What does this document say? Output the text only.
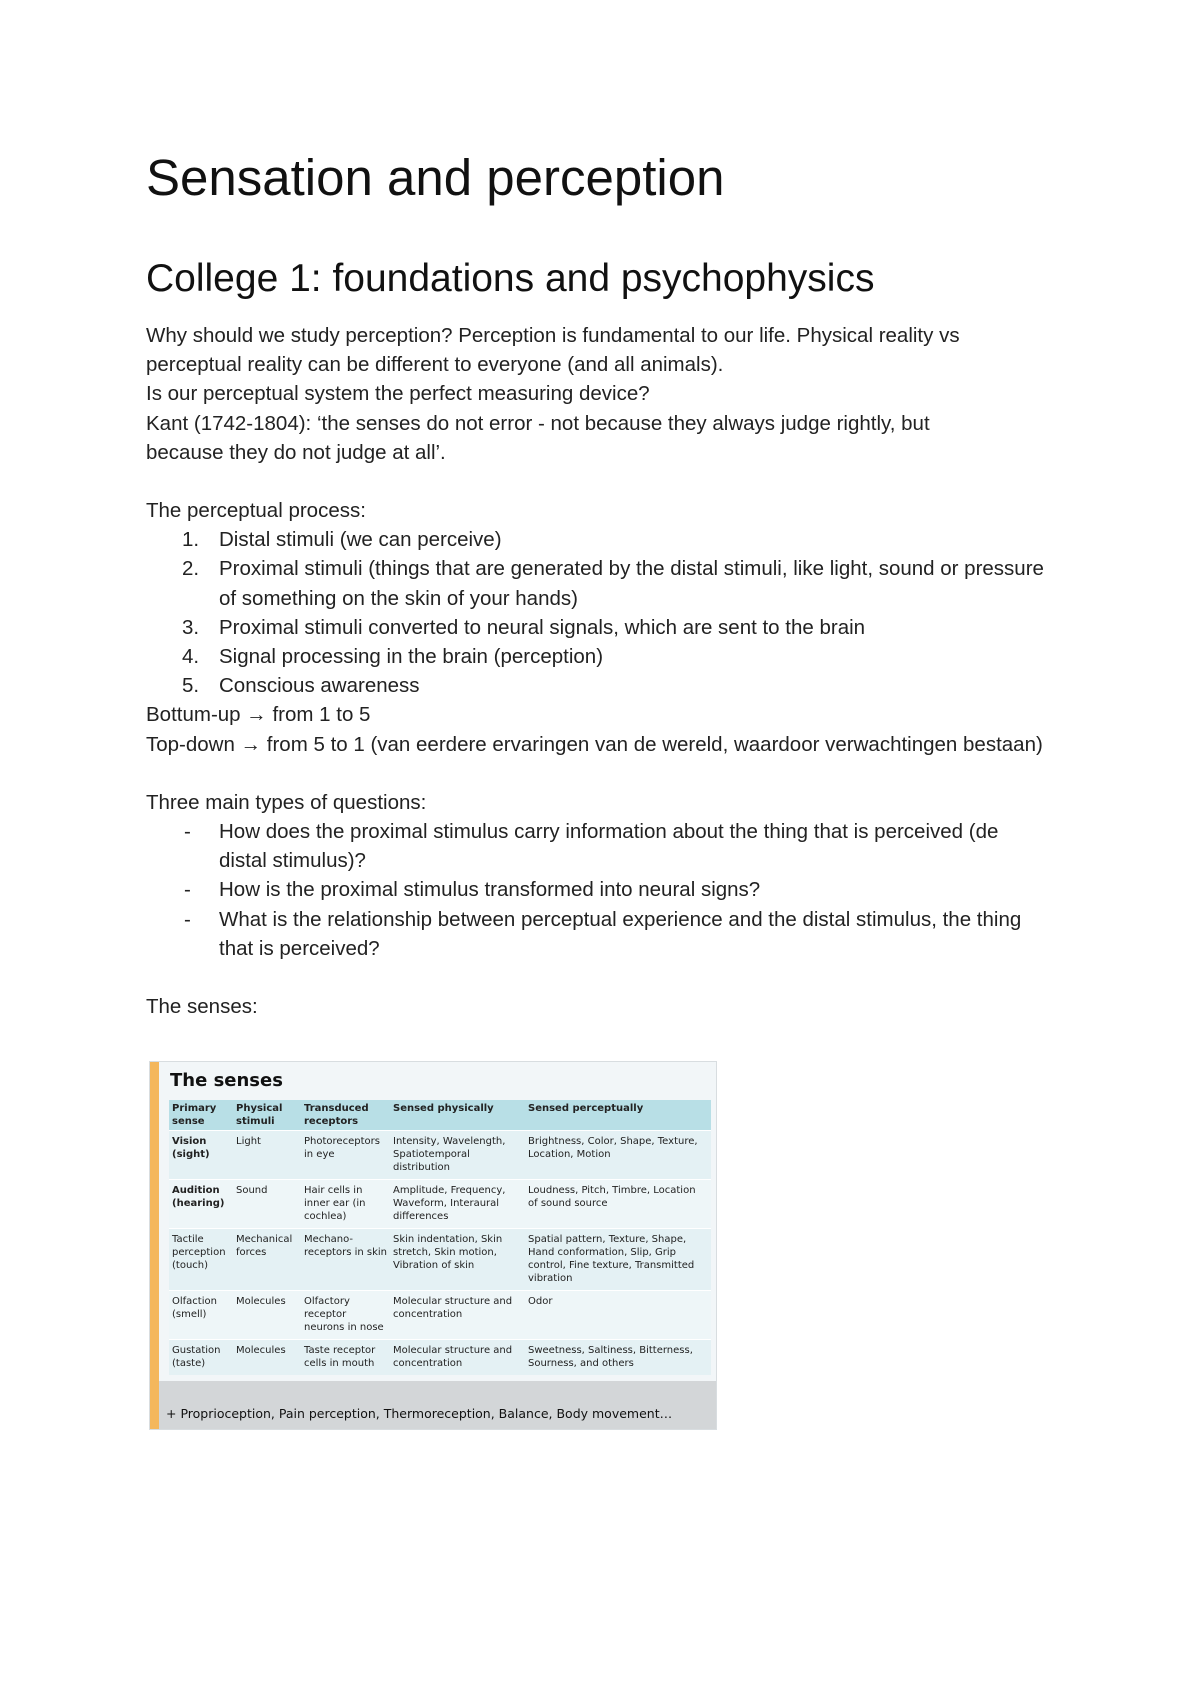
Sensation and perception
College 1: foundations and psychophysics

Why should we study perception? Perception is fundamental to our life. Physical reality vs

perceptual reality can be different to everyone (and all animals).

Is our perceptual system the perfect measuring device?

Kant (1742-1804): ‘the senses do not error - not because they always judge rightly, but

because they do not judge at all’.

The perceptual process:

1. Distal stimuli (we can perceive)
2. Proximal stimuli (things that are generated by the distal stimuli, like light, sound or pressure of something on the skin of your hands)
3. Proximal stimuli converted to neural signals, which are sent to the brain
4. Signal processing in the brain (perception)
5. Conscious awareness

Bottum-up → from 1 to 5

Top-down → from 5 to 1 (van eerdere ervaringen van de wereld, waardoor verwachtingen bestaan)

Three main types of questions:

- How does the proximal stimulus carry information about the thing that is perceived (de distal stimulus)?
- How is the proximal stimulus transformed into neural signs?
- What is the relationship between perceptual experience and the distal stimulus, the thing that is perceived?

The senses:

The senses
Primary sense	Physical stimuli	Transduced receptors	Sensed physically	Sensed perceptually
Vision (sight)	Light	Photoreceptors in eye	Intensity, Wavelength, Spatiotemporal distribution	Brightness, Color, Shape, Texture, Location, Motion
Audition (hearing)	Sound	Hair cells in inner ear (in cochlea)	Amplitude, Frequency, Waveform, Interaural differences	Loudness, Pitch, Timbre, Location of sound source
Tactile perception (touch)	Mechanical forces	Mechano-receptors in skin	Skin indentation, Skin stretch, Skin motion, Vibration of skin	Spatial pattern, Texture, Shape, Hand conformation, Slip, Grip control, Fine texture, Transmitted vibration
Olfaction (smell)	Molecules	Olfactory receptor neurons in nose	Molecular structure and concentration	Odor
Gustation (taste)	Molecules	Taste receptor cells in mouth	Molecular structure and concentration	Sweetness, Saltiness, Bitterness, Sourness, and others
+ Proprioception, Pain perception, Thermoreception, Balance, Body movement…
